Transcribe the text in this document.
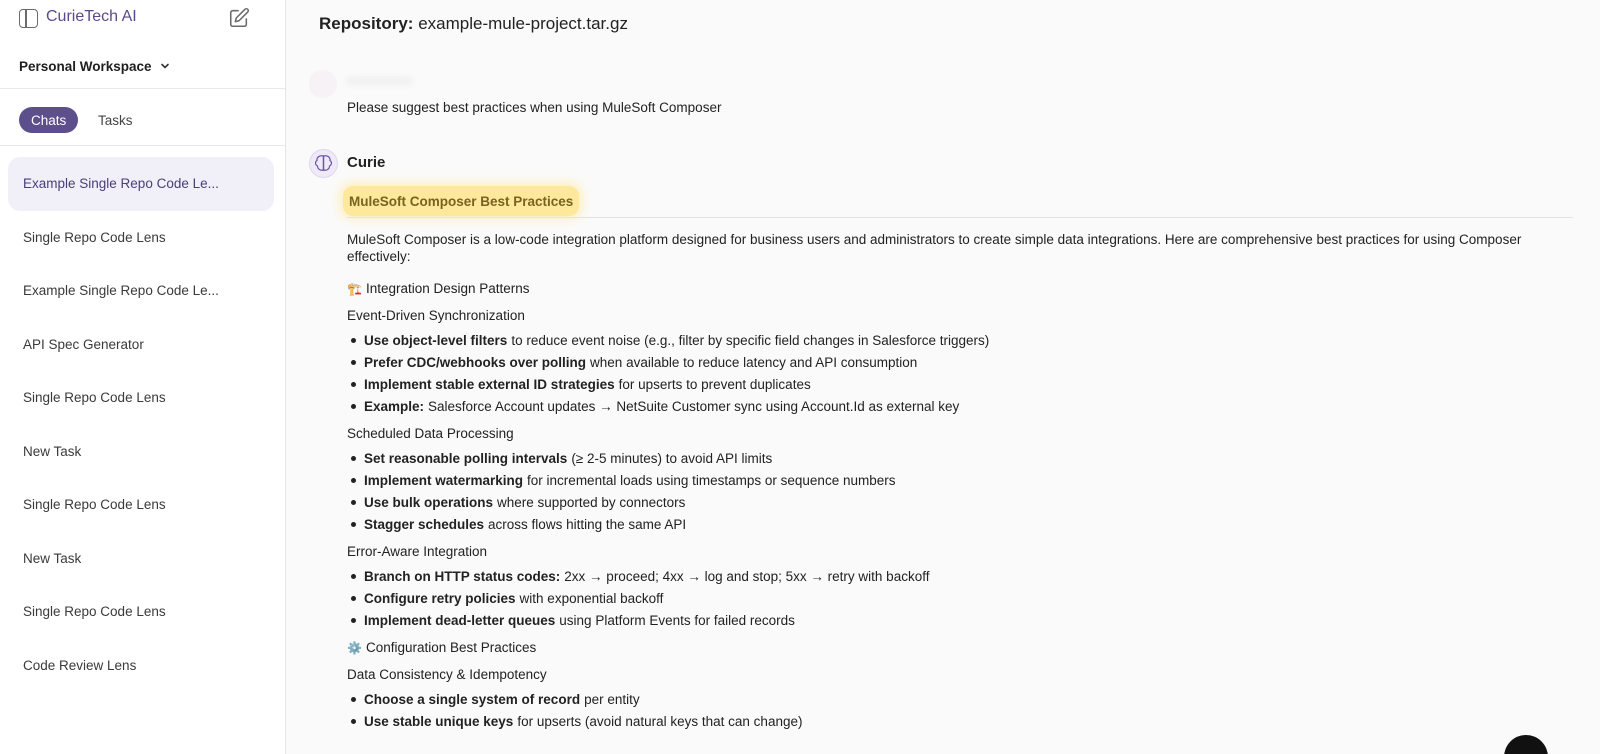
CurieTech AI
Personal Workspace
Chats	Tasks
Example Single Repo Code Le...
Single Repo Code Lens
Example Single Repo Code Le...
API Spec Generator
Single Repo Code Lens
New Task
Single Repo Code Lens
New Task
Single Repo Code Lens
Code Review Lens
Repository: example-mule-project.tar.gz
Please suggest best practices when using MuleSoft Composer
Curie
MuleSoft Composer Best Practices

MuleSoft Composer is a low-code integration platform designed for business users and administrators to create simple data integrations. Here are comprehensive best practices for using Composer effectively:

🏗️ Integration Design Patterns
Event-Driven Synchronization
Use object-level filters to reduce event noise (e.g., filter by specific field changes in Salesforce triggers)
Prefer CDC/webhooks over polling when available to reduce latency and API consumption
Implement stable external ID strategies for upserts to prevent duplicates
Example: Salesforce Account updates → NetSuite Customer sync using Account.Id as external key
Scheduled Data Processing
Set reasonable polling intervals (≥ 2-5 minutes) to avoid API limits
Implement watermarking for incremental loads using timestamps or sequence numbers
Use bulk operations where supported by connectors
Stagger schedules across flows hitting the same API
Error-Aware Integration
Branch on HTTP status codes: 2xx → proceed; 4xx → log and stop; 5xx → retry with backoff
Configure retry policies with exponential backoff
Implement dead-letter queues using Platform Events for failed records
⚙️ Configuration Best Practices
Data Consistency & Idempotency
Choose a single system of record per entity
Use stable unique keys for upserts (avoid natural keys that can change)
